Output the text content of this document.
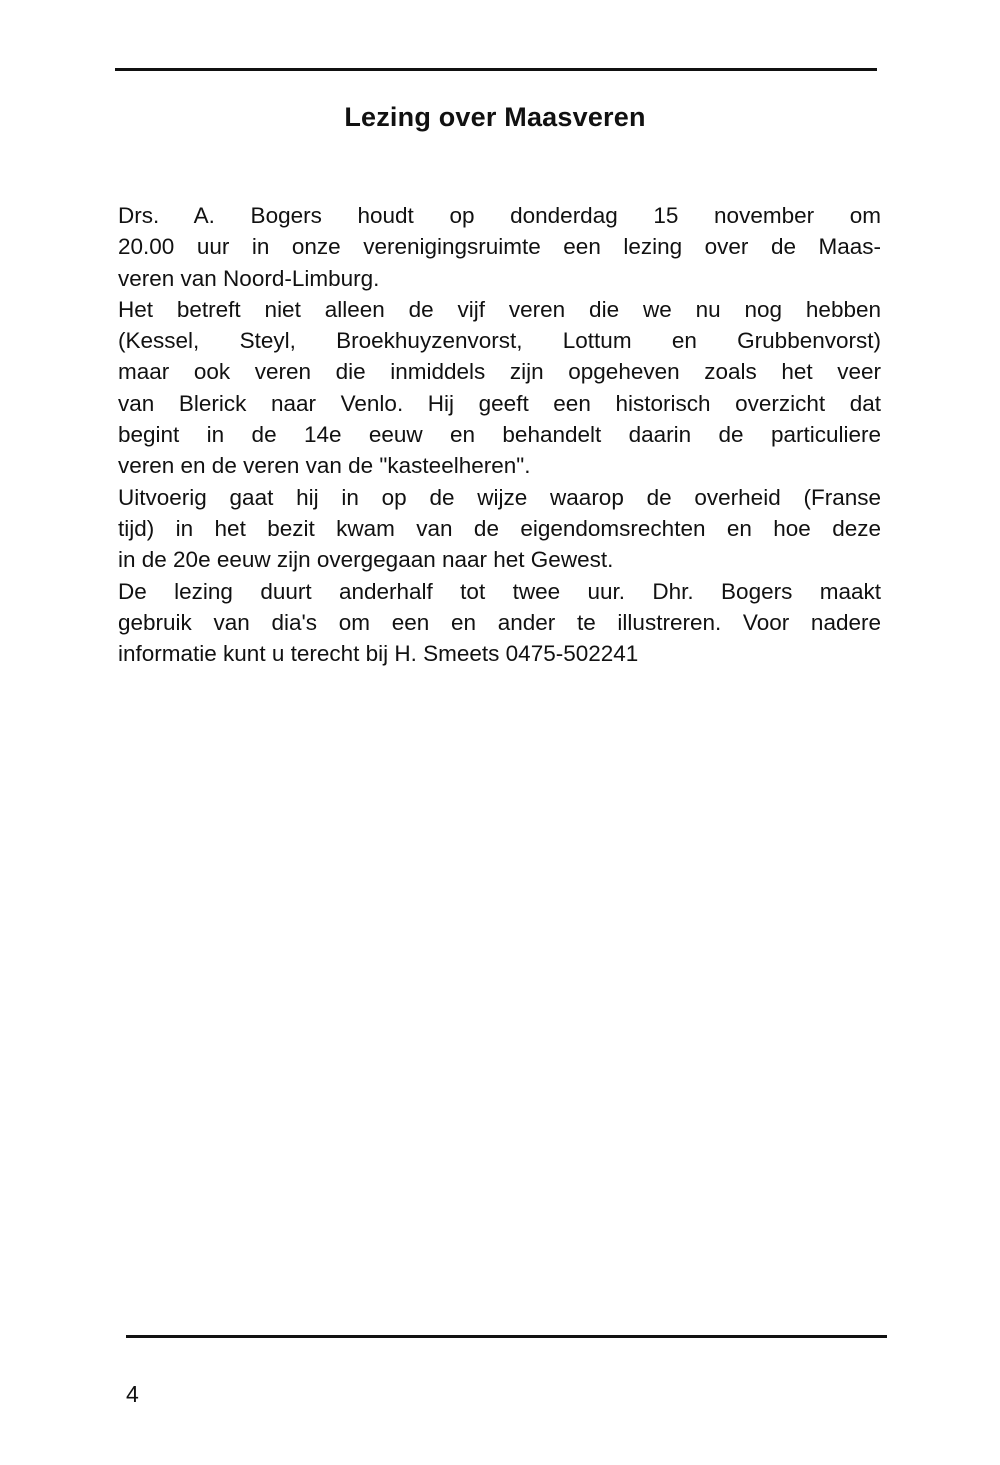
Lezing over Maasveren
Drs. A. Bogers houdt op donderdag 15 november om
20.00 uur in onze verenigingsruimte een lezing over de Maas-
veren van Noord-Limburg.
Het betreft niet alleen de vijf veren die we nu nog hebben
(Kessel, Steyl, Broekhuyzenvorst, Lottum en Grubbenvorst)
maar ook veren die inmiddels zijn opgeheven zoals het veer
van Blerick naar Venlo. Hij geeft een historisch overzicht dat
begint in de 14e eeuw en behandelt daarin de particuliere
veren en de veren van de "kasteelheren".
Uitvoerig gaat hij in op de wijze waarop de overheid (Franse
tijd) in het bezit kwam van de eigendomsrechten en hoe deze
in de 20e eeuw zijn overgegaan naar het Gewest.
De lezing duurt anderhalf tot twee uur. Dhr. Bogers maakt
gebruik van dia's om een en ander te illustreren. Voor nadere
informatie kunt u terecht bij H. Smeets 0475-502241
4
